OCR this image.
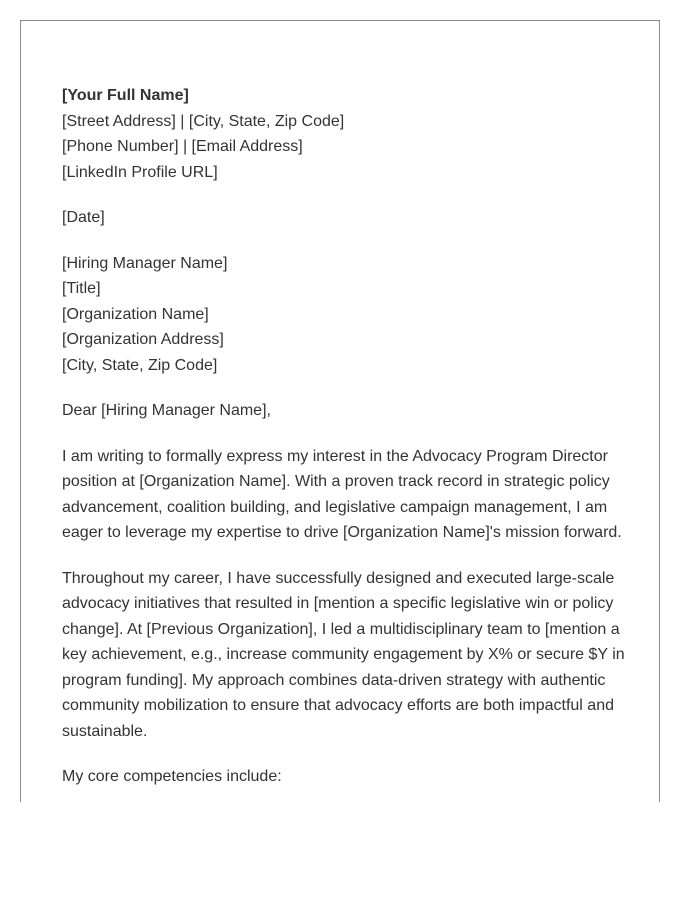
[Your Full Name]
[Street Address] | [City, State, Zip Code]
[Phone Number] | [Email Address]
[LinkedIn Profile URL]
[Date]
[Hiring Manager Name]
[Title]
[Organization Name]
[Organization Address]
[City, State, Zip Code]

Dear [Hiring Manager Name],

I am writing to formally express my interest in the Advocacy Program Director position at [Organization Name]. With a proven track record in strategic policy advancement, coalition building, and legislative campaign management, I am eager to leverage my expertise to drive [Organization Name]'s mission forward.

Throughout my career, I have successfully designed and executed large-scale advocacy initiatives that resulted in [mention a specific legislative win or policy change]. At [Previous Organization], I led a multidisciplinary team to [mention a key achievement, e.g., increase community engagement by X% or secure $Y in program funding]. My approach combines data-driven strategy with authentic community mobilization to ensure that advocacy efforts are both impactful and sustainable.

My core competencies include:
